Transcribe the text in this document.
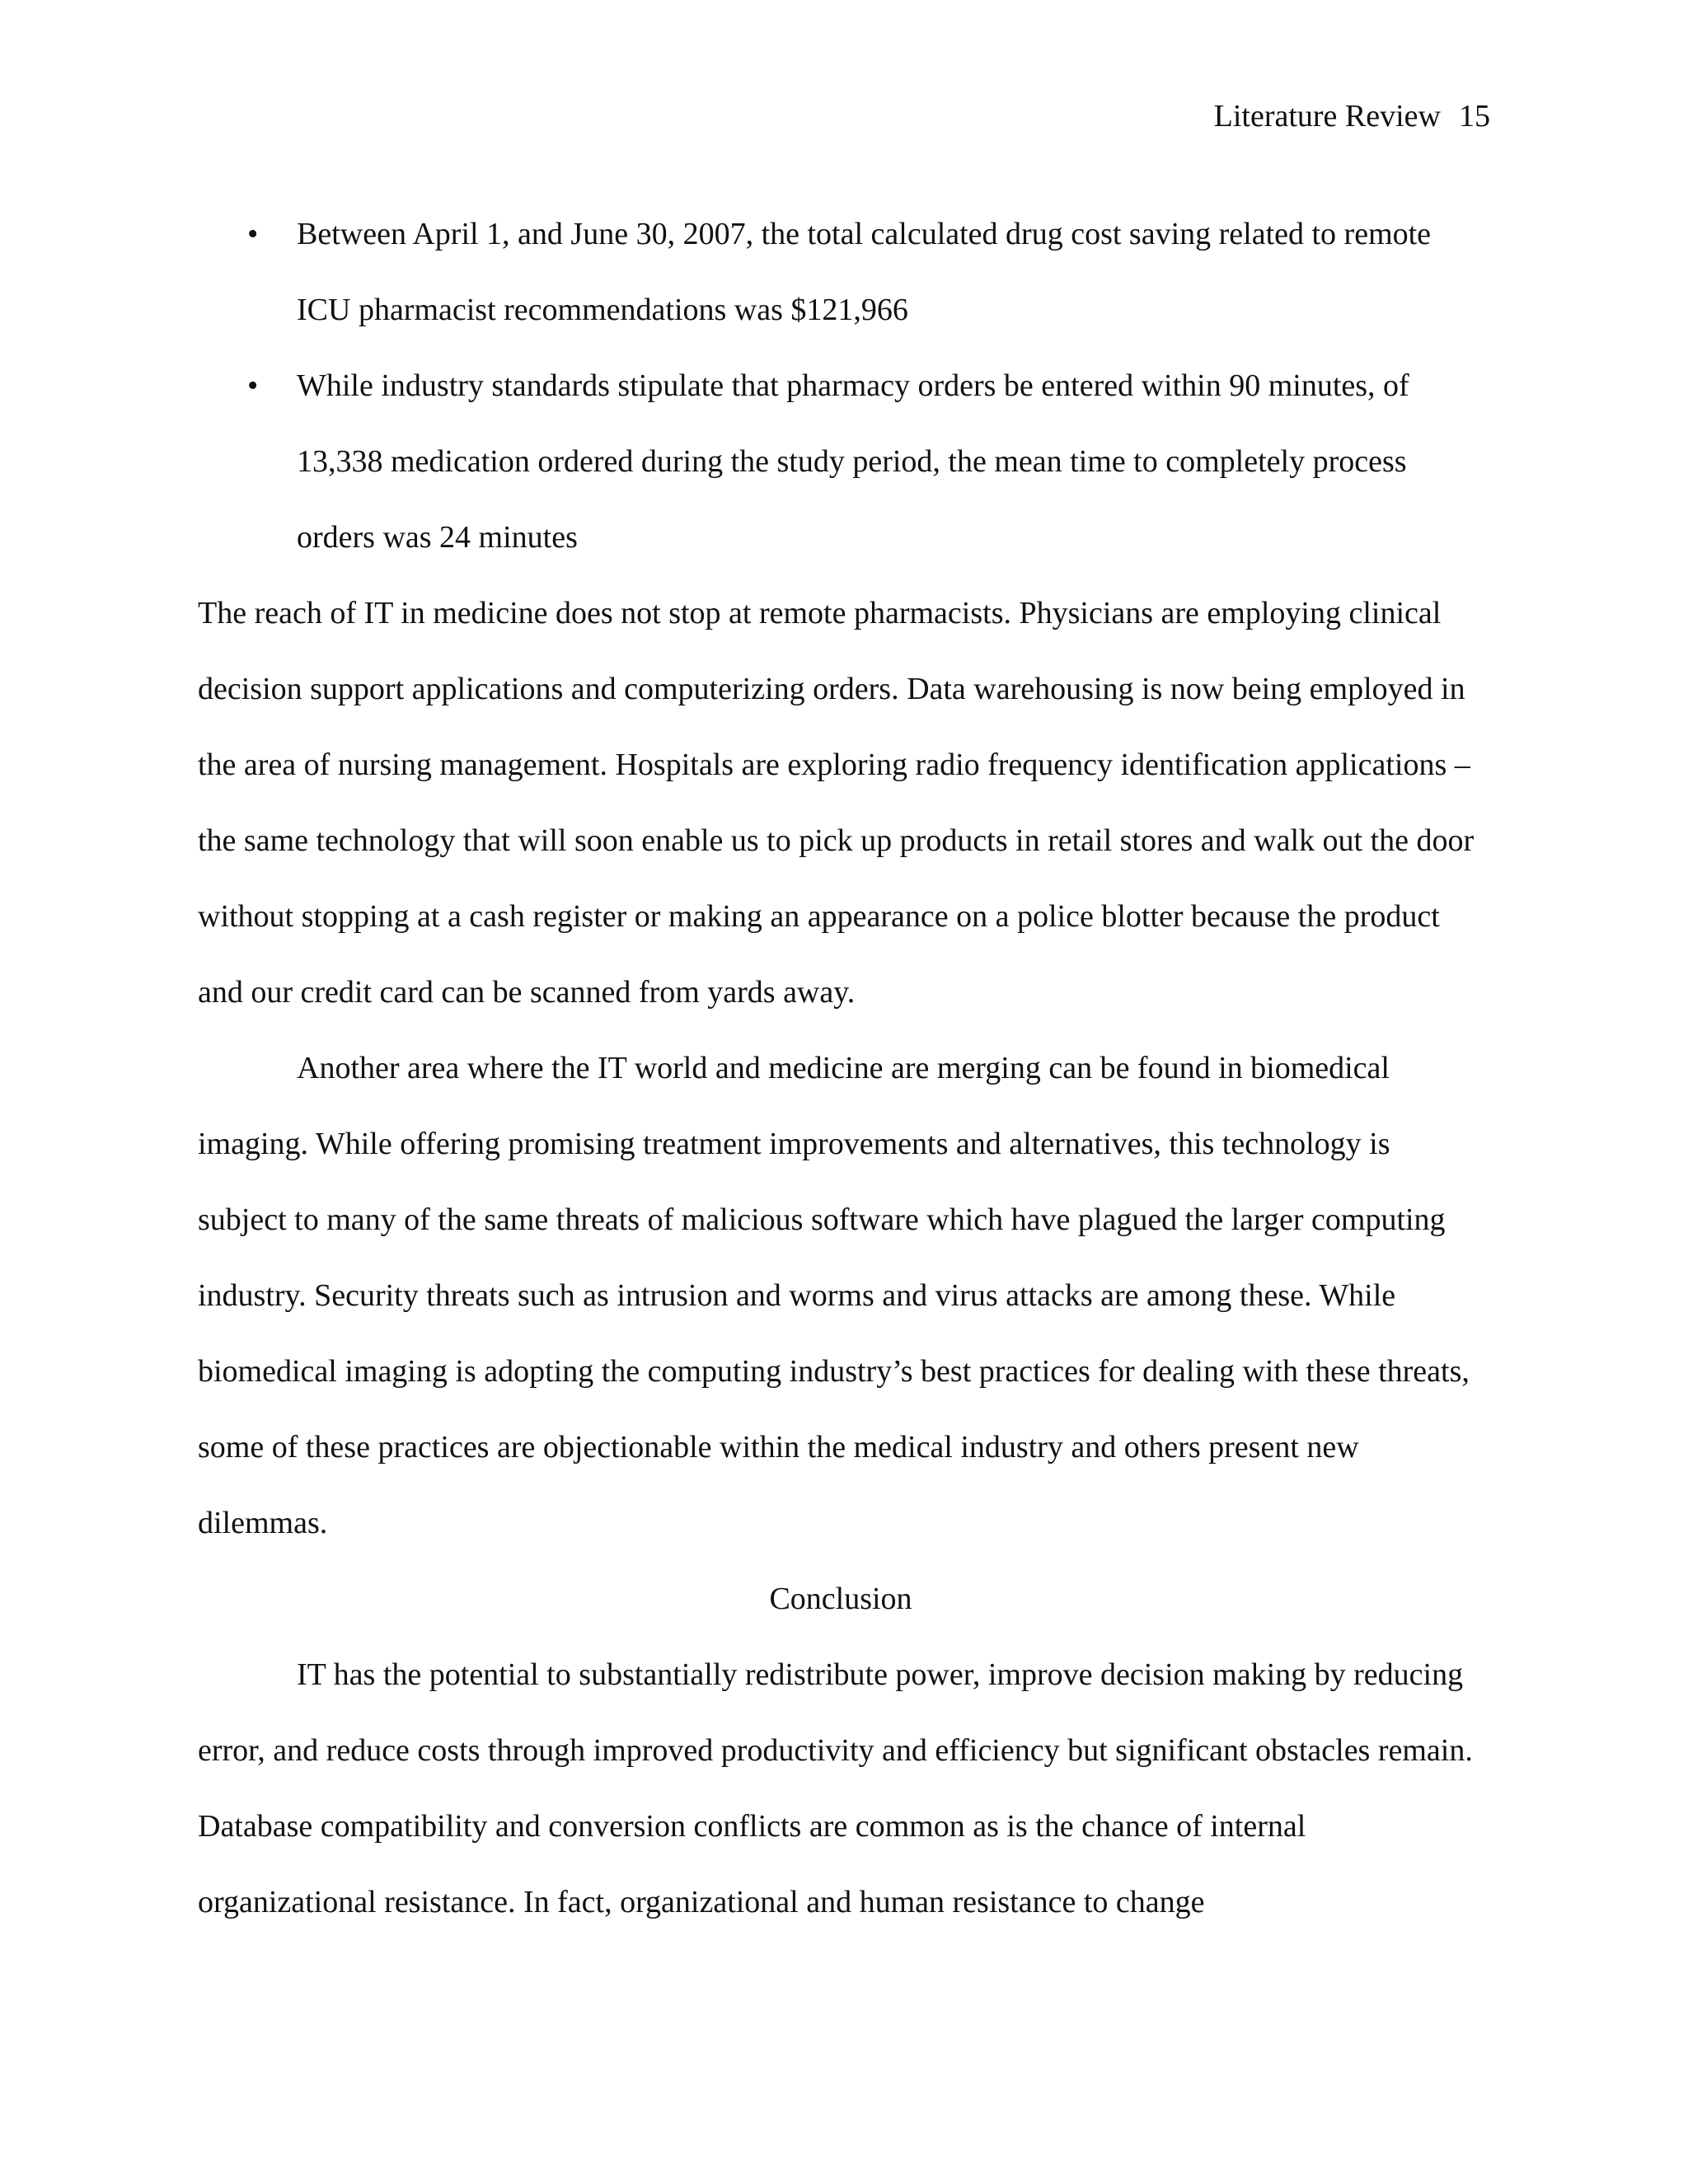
Literature Review 15
• Between April 1, and June 30, 2007, the total calculated drug cost saving related to remote ICU pharmacist recommendations was $121,966
• While industry standards stipulate that pharmacy orders be entered within 90 minutes, of 13,338 medication ordered during the study period, the mean time to completely process orders was 24 minutes

The reach of IT in medicine does not stop at remote pharmacists. Physicians are employing clinical decision support applications and computerizing orders. Data warehousing is now being employed in the area of nursing management. Hospitals are exploring radio frequency identification applications – the same technology that will soon enable us to pick up products in retail stores and walk out the door without stopping at a cash register or making an appearance on a police blotter because the product and our credit card can be scanned from yards away.

Another area where the IT world and medicine are merging can be found in biomedical imaging. While offering promising treatment improvements and alternatives, this technology is subject to many of the same threats of malicious software which have plagued the larger computing industry. Security threats such as intrusion and worms and virus attacks are among these. While biomedical imaging is adopting the computing industry’s best practices for dealing with these threats, some of these practices are objectionable within the medical industry and others present new dilemmas.

Conclusion

IT has the potential to substantially redistribute power, improve decision making by reducing error, and reduce costs through improved productivity and efficiency but significant obstacles remain. Database compatibility and conversion conflicts are common as is the chance of internal organizational resistance. In fact, organizational and human resistance to change
